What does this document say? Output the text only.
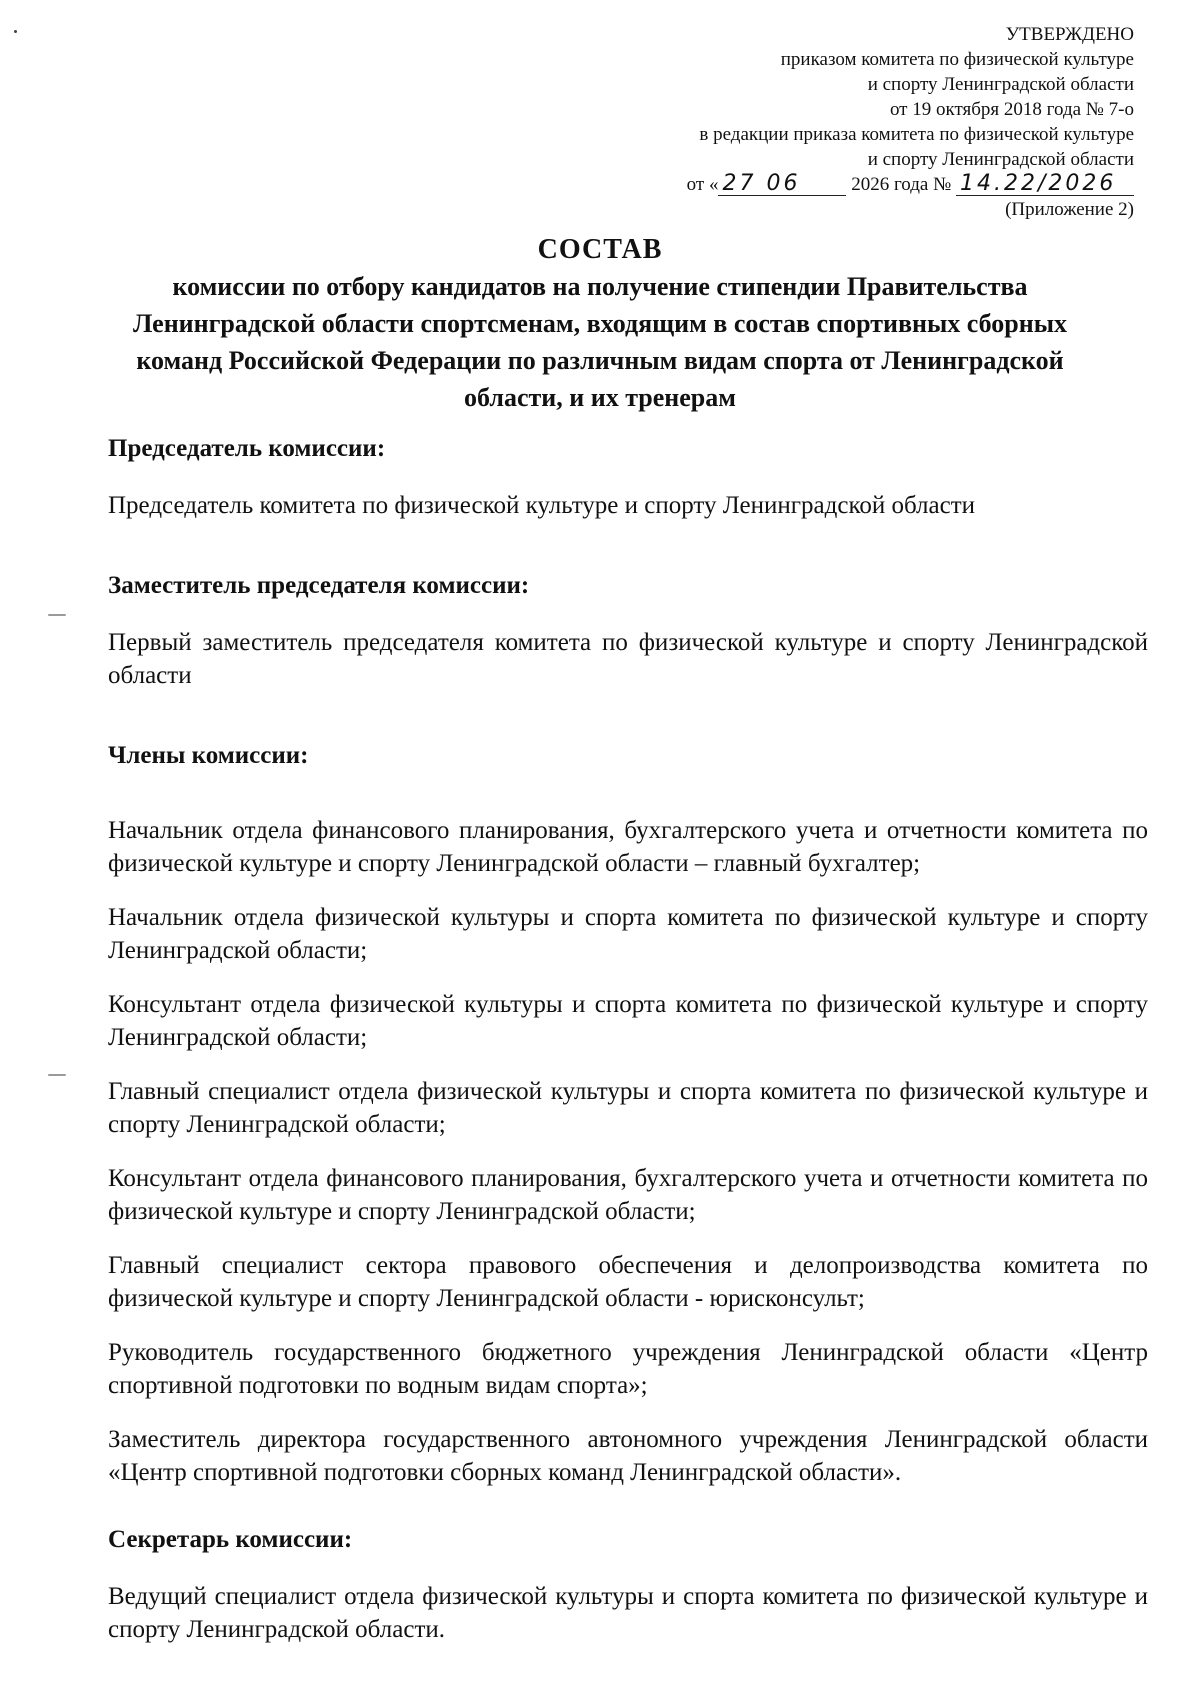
УТВЕРЖДЕНО
приказом комитета по физической культуре
и спорту Ленинградской области
от 19 октября 2018 года № 7-о
в редакции приказа комитета по физической культуре
и спорту Ленинградской области
от « 27 06	2026 года № 14.22/2026
(Приложение 2)
СОСТАВ
комиссии по отбору кандидатов на получение стипендии Правительства Ленинградской области спортсменам, входящим в состав спортивных сборных команд Российской Федерации по различным видам спорта от Ленинградской области, и их тренерам
Председатель комиссии:
Председатель комитета по физической культуре и спорту Ленинградской области
Заместитель председателя комиссии:
Первый заместитель председателя комитета по физической культуре и спорту Ленинградской области
Члены комиссии:
Начальник отдела финансового планирования, бухгалтерского учета и отчетности комитета по физической культуре и спорту Ленинградской области – главный бухгалтер;
Начальник отдела физической культуры и спорта комитета по физической культуре и спорту Ленинградской области;
Консультант отдела физической культуры и спорта комитета по физической культуре и спорту Ленинградской области;
Главный специалист отдела физической культуры и спорта комитета по физической культуре и спорту Ленинградской области;
Консультант отдела финансового планирования, бухгалтерского учета и отчетности комитета по физической культуре и спорту Ленинградской области;
Главный специалист сектора правового обеспечения и делопроизводства комитета по физической культуре и спорту Ленинградской области - юрисконсульт;
Руководитель государственного бюджетного учреждения Ленинградской области «Центр спортивной подготовки по водным видам спорта»;
Заместитель директора государственного автономного учреждения Ленинградской области «Центр спортивной подготовки сборных команд Ленинградской области».
Секретарь комиссии:
Ведущий специалист отдела физической культуры и спорта комитета по физической культуре и спорту Ленинградской области.
